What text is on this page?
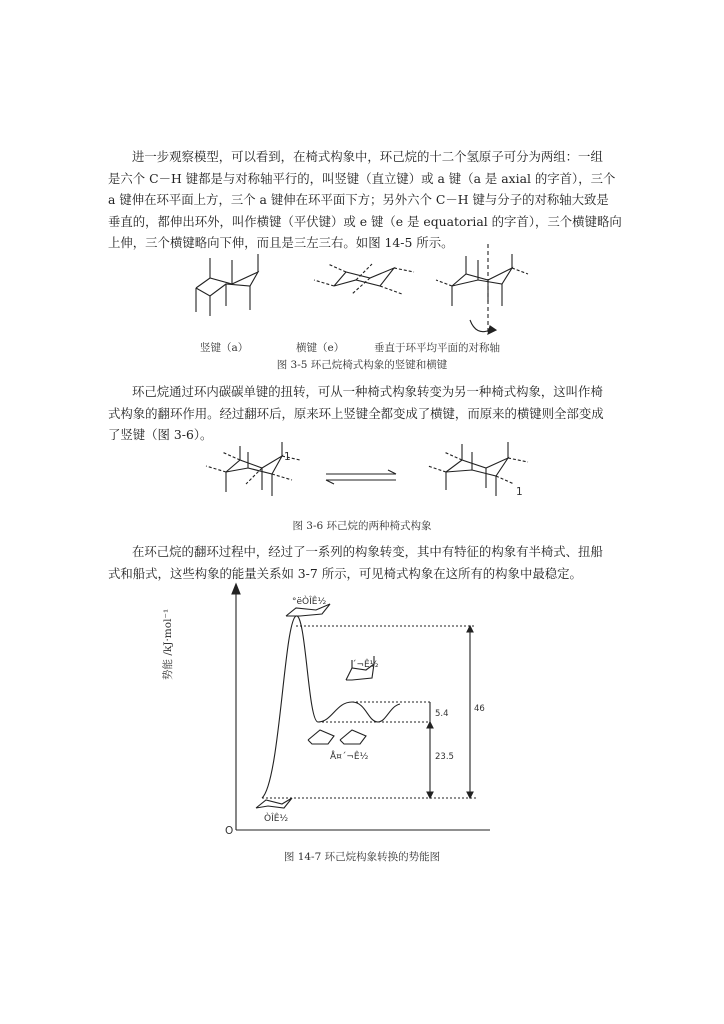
进一步观察模型，可以看到，在椅式构象中，环己烷的十二个氢原子可分为两组：一组
是六个 C－H 键都是与对称轴平行的，叫竖键（直立键）或 a 键（a 是 axial 的字首），三个
a 键伸在环平面上方，三个 a 键伸在环平面下方；另外六个 C－H 键与分子的对称轴大致是
垂直的，都伸出环外，叫作横键（平伏键）或 e 键（e 是 equatorial 的字首），三个横键略向
上伸，三个横键略向下伸，而且是三左三右。如图 14-5 所示。
竖键（a）	横键（e）	垂直于环平均平面的对称轴

图 3-5 环己烷椅式构象的竖键和横键

环己烷通过环内碳碳单键的扭转，可从一种椅式构象转变为另一种椅式构象，这叫作椅
式构象的翻环作用。经过翻环后，原来环上竖键全都变成了横键，而原来的横键则全部变成
了竖键（图 3-6）。
1
1

图 3-6 环己烷的两种椅式构象

在环己烷的翻环过程中，经过了一系列的构象转变，其中有特征的构象有半椅式、扭船
式和船式，这些构象的能量关系如 3-7 所示，可见椅式构象在这所有的构象中最稳定。
势能 /kJ·mol⁻¹
O
°ëÒÎÊ½
´¬Ê½
Å¤´¬Ê½
ÒÎÊ½
5.4
23.5
46

图 14-7 环己烷构象转换的势能图
